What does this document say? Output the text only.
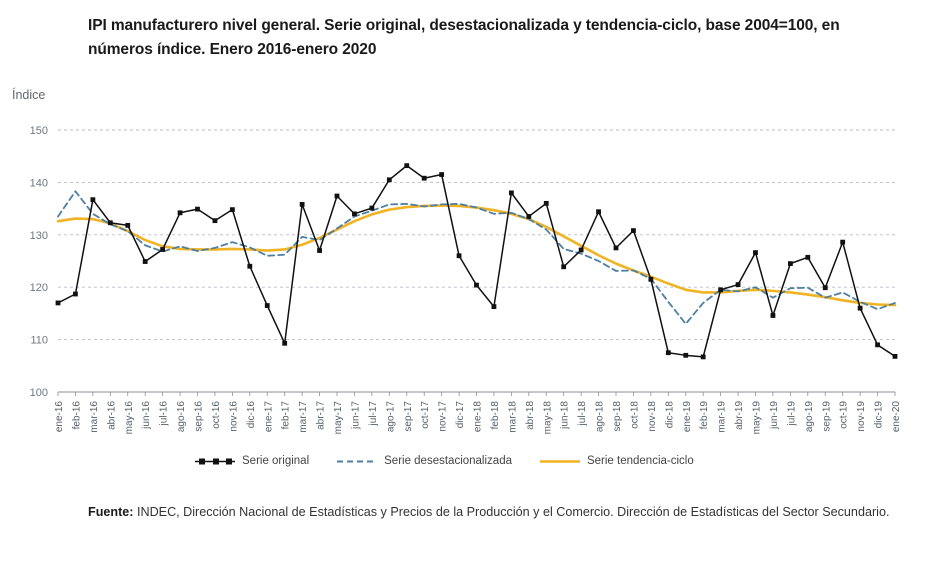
IPI manufacturero nivel general. Serie original, desestacionalizada y tendencia-ciclo, base 2004=100, en números índice. Enero 2016-enero 2020
Índice
100
110
120
130
140
150
ene-16 feb-16 mar-16 abr-16 may-16 jun-16 jul-16 ago-16 sep-16 oct-16 nov-16 dic-16 ene-17 feb-17 mar-17 abr-17 may-17 jun-17 jul-17 ago-17 sep-17 oct-17 nov-17 dic-17 ene-18 feb-18 mar-18 abr-18 may-18 jun-18 jul-18 ago-18 sep-18 oct-18 nov-18 dic-18 ene-19 feb-19 mar-19 abr-19 may-19 jun-19 jul-19 ago-19 sep-19 oct-19 nov-19 dic-19 ene-20
Serie original	Serie desestacionalizada	Serie tendencia-ciclo
Fuente: INDEC, Dirección Nacional de Estadísticas y Precios de la Producción y el Comercio. Dirección de Estadísticas del Sector Secundario.
